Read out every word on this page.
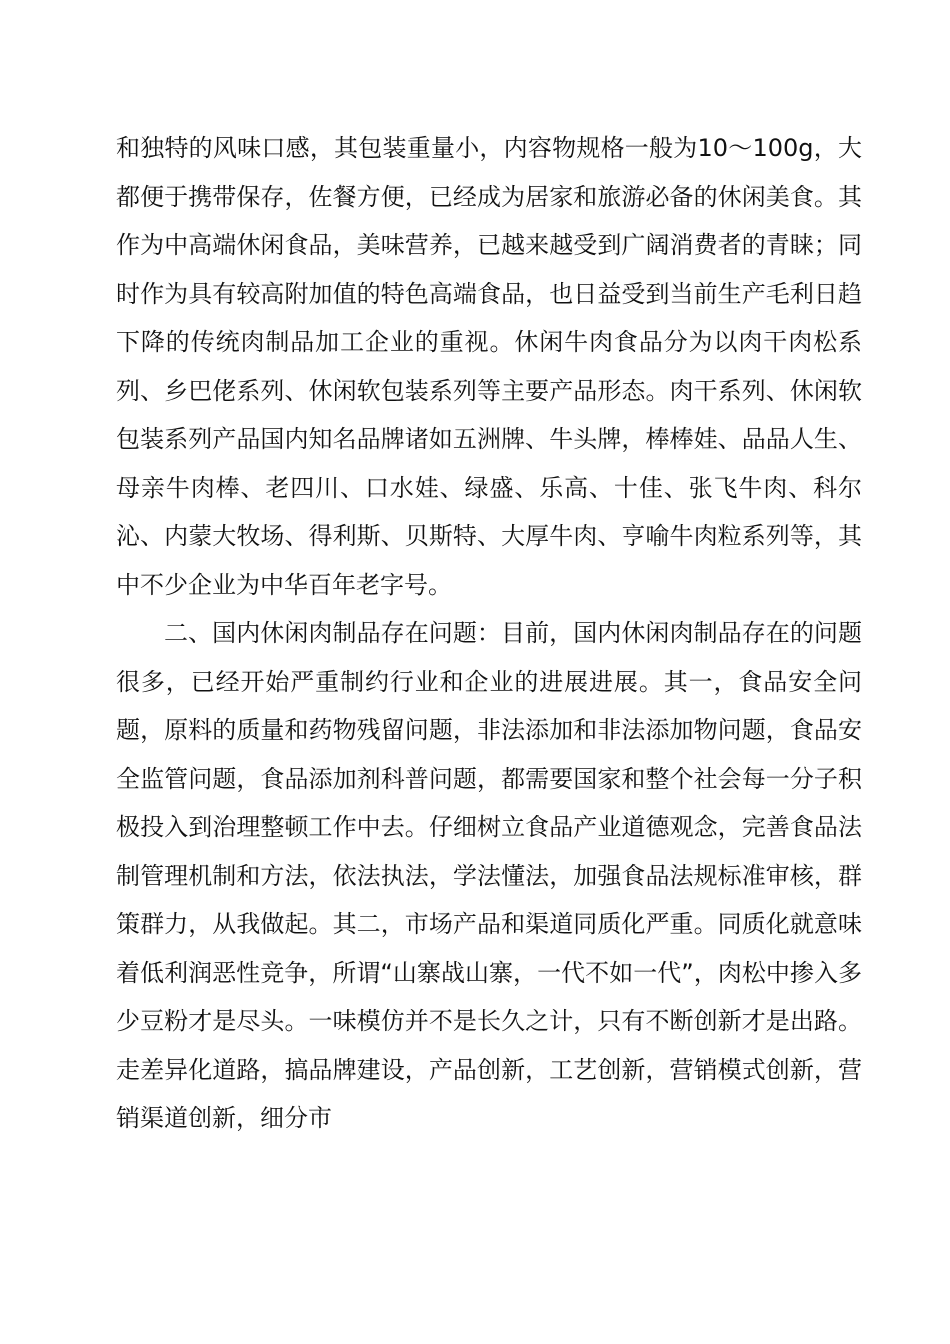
和独特的风味口感，其包装重量小，内容物规格一般为10～100g，大都便于携带保存，佐餐方便，已经成为居家和旅游必备的休闲美食。其作为中高端休闲食品，美味营养，已越来越受到广阔消费者的青睐；同时作为具有较高附加值的特色高端食品，也日益受到当前生产毛利日趋下降的传统肉制品加工企业的重视。休闲牛肉食品分为以肉干肉松系列、乡巴佬系列、休闲软包装系列等主要产品形态。肉干系列、休闲软包装系列产品国内知名品牌诸如五洲牌、牛头牌，棒棒娃、品品人生、母亲牛肉棒、老四川、口水娃、绿盛、乐高、十佳、张飞牛肉、科尔沁、内蒙大牧场、得利斯、贝斯特、大厚牛肉、亨喻牛肉粒系列等，其中不少企业为中华百年老字号。

二、国内休闲肉制品存在问题：目前，国内休闲肉制品存在的问题很多，已经开始严重制约行业和企业的进展进展。其一，食品安全问题，原料的质量和药物残留问题，非法添加和非法添加物问题，食品安全监管问题，食品添加剂科普问题，都需要国家和整个社会每一分子积极投入到治理整顿工作中去。仔细树立食品产业道德观念，完善食品法制管理机制和方法，依法执法，学法懂法，加强食品法规标准审核，群策群力，从我做起。其二，市场产品和渠道同质化严重。同质化就意味着低利润恶性竞争，所谓“山寨战山寨，一代不如一代”，肉松中掺入多少豆粉才是尽头。一味模仿并不是长久之计，只有不断创新才是出路。走差异化道路，搞品牌建设，产品创新，工艺创新，营销模式创新，营销渠道创新，细分市
